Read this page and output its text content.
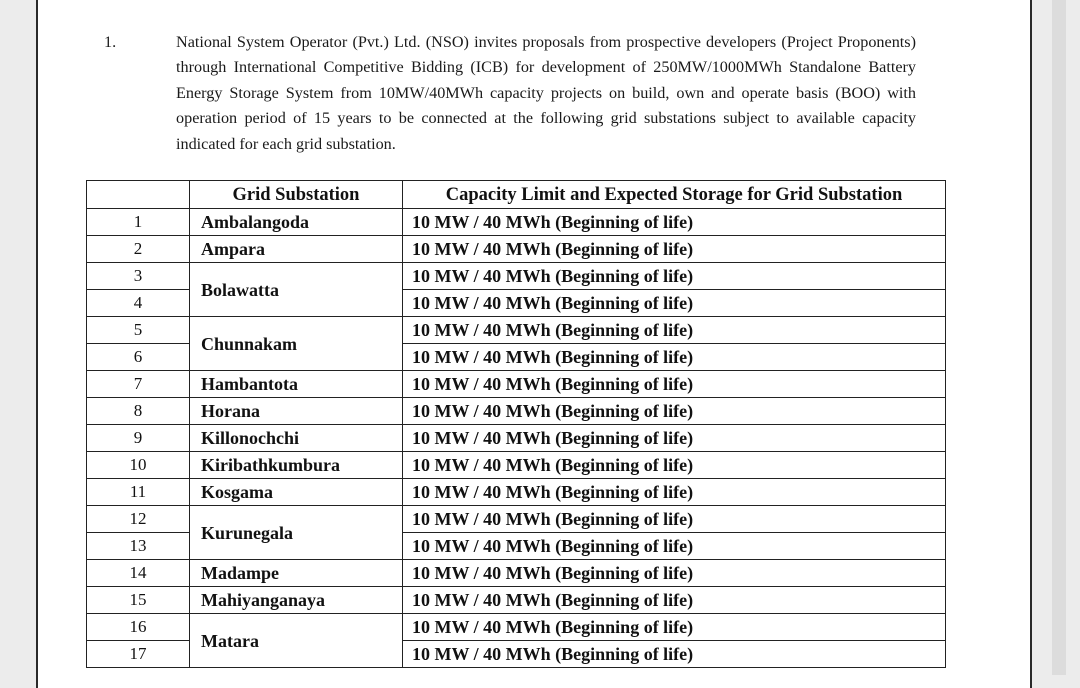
1.	National System Operator (Pvt.) Ltd. (NSO) invites proposals from prospective developers (Project Proponents) through International Competitive Bidding (ICB) for development of 250MW/1000MWh Standalone Battery Energy Storage System from 10MW/40MWh capacity projects on build, own and operate basis (BOO) with operation period of 15 years to be connected at the following grid substations subject to available capacity indicated for each grid substation.
	Grid Substation	Capacity Limit and Expected Storage for Grid Substation
1	Ambalangoda	10 MW / 40 MWh (Beginning of life)
2	Ampara	10 MW / 40 MWh (Beginning of life)
3	Bolawatta	10 MW / 40 MWh (Beginning of life)
4		10 MW / 40 MWh (Beginning of life)
5	Chunnakam	10 MW / 40 MWh (Beginning of life)
6		10 MW / 40 MWh (Beginning of life)
7	Hambantota	10 MW / 40 MWh (Beginning of life)
8	Horana	10 MW / 40 MWh (Beginning of life)
9	Killonochchi	10 MW / 40 MWh (Beginning of life)
10	Kiribathkumbura	10 MW / 40 MWh (Beginning of life)
11	Kosgama	10 MW / 40 MWh (Beginning of life)
12	Kurunegala	10 MW / 40 MWh (Beginning of life)
13		10 MW / 40 MWh (Beginning of life)
14	Madampe	10 MW / 40 MWh (Beginning of life)
15	Mahiyanganaya	10 MW / 40 MWh (Beginning of life)
16	Matara	10 MW / 40 MWh (Beginning of life)
17		10 MW / 40 MWh (Beginning of life)
